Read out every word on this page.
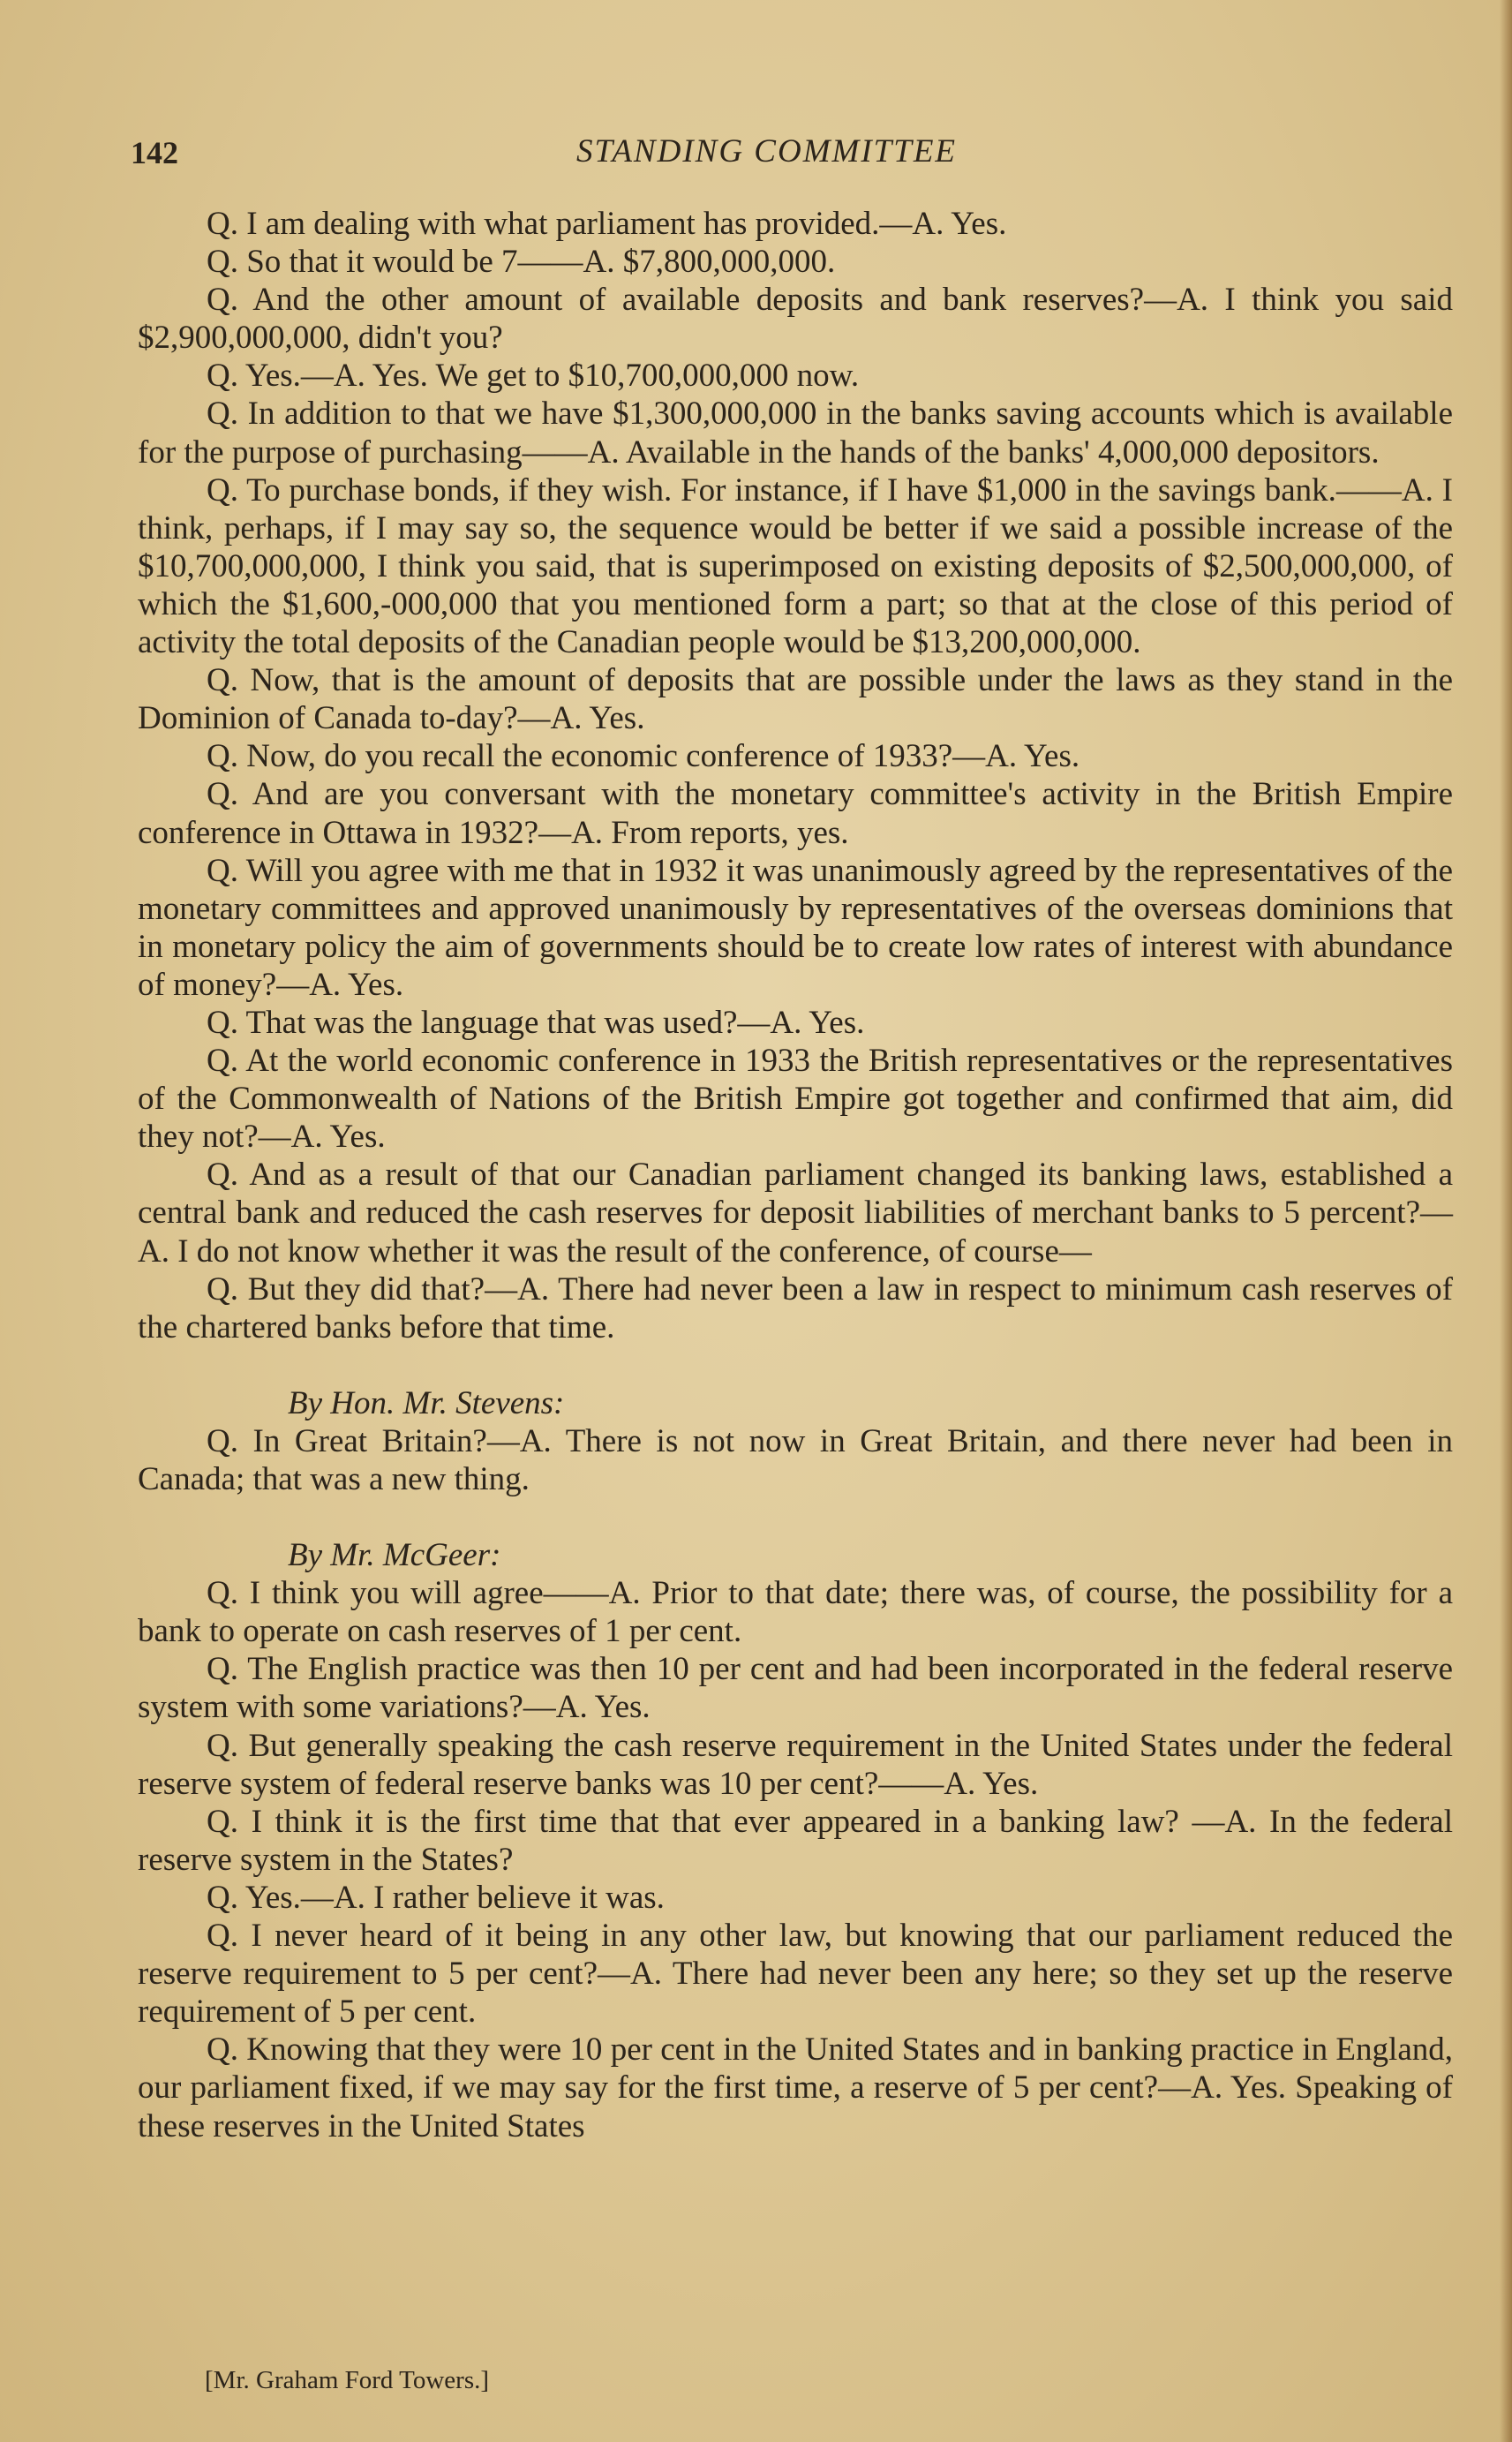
142	STANDING COMMITTEE

Q. I am dealing with what parliament has provided.—A. Yes.

Q. So that it would be 7——A. $7,800,000,000.

Q. And the other amount of available deposits and bank reserves?—A. I think you said $2,900,000,000, didn't you?

Q. Yes.—A. Yes. We get to $10,700,000,000 now.

Q. In addition to that we have $1,300,000,000 in the banks saving accounts which is available for the purpose of purchasing——A. Available in the hands of the banks' 4,000,000 depositors.

Q. To purchase bonds, if they wish. For instance, if I have $1,000 in the savings bank.——A. I think, perhaps, if I may say so, the sequence would be better if we said a possible increase of the $10,700,000,000, I think you said, that is superimposed on existing deposits of $2,500,000,000, of which the $1,600,-000,000 that you mentioned form a part; so that at the close of this period of activity the total deposits of the Canadian people would be $13,200,000,000.

Q. Now, that is the amount of deposits that are possible under the laws as they stand in the Dominion of Canada to-day?—A. Yes.

Q. Now, do you recall the economic conference of 1933?—A. Yes.

Q. And are you conversant with the monetary committee's activity in the British Empire conference in Ottawa in 1932?—A. From reports, yes.

Q. Will you agree with me that in 1932 it was unanimously agreed by the representatives of the monetary committees and approved unanimously by representatives of the overseas dominions that in monetary policy the aim of governments should be to create low rates of interest with abundance of money?—A. Yes.

Q. That was the language that was used?—A. Yes.

Q. At the world economic conference in 1933 the British representatives or the representatives of the Commonwealth of Nations of the British Empire got together and confirmed that aim, did they not?—A. Yes.

Q. And as a result of that our Canadian parliament changed its banking laws, established a central bank and reduced the cash reserves for deposit liabilities of merchant banks to 5 percent?—A. I do not know whether it was the result of the conference, of course—

Q. But they did that?—A. There had never been a law in respect to minimum cash reserves of the chartered banks before that time.

By Hon. Mr. Stevens:

Q. In Great Britain?—A. There is not now in Great Britain, and there never had been in Canada; that was a new thing.

By Mr. McGeer:

Q. I think you will agree——A. Prior to that date; there was, of course, the possibility for a bank to operate on cash reserves of 1 per cent.

Q. The English practice was then 10 per cent and had been incorporated in the federal reserve system with some variations?—A. Yes.

Q. But generally speaking the cash reserve requirement in the United States under the federal reserve system of federal reserve banks was 10 per cent?——A. Yes.

Q. I think it is the first time that that ever appeared in a banking law? —A. In the federal reserve system in the States?

Q. Yes.—A. I rather believe it was.

Q. I never heard of it being in any other law, but knowing that our parliament reduced the reserve requirement to 5 per cent?—A. There had never been any here; so they set up the reserve requirement of 5 per cent.

Q. Knowing that they were 10 per cent in the United States and in banking practice in England, our parliament fixed, if we may say for the first time, a reserve of 5 per cent?—A. Yes. Speaking of these reserves in the United States

[Mr. Graham Ford Towers.]
